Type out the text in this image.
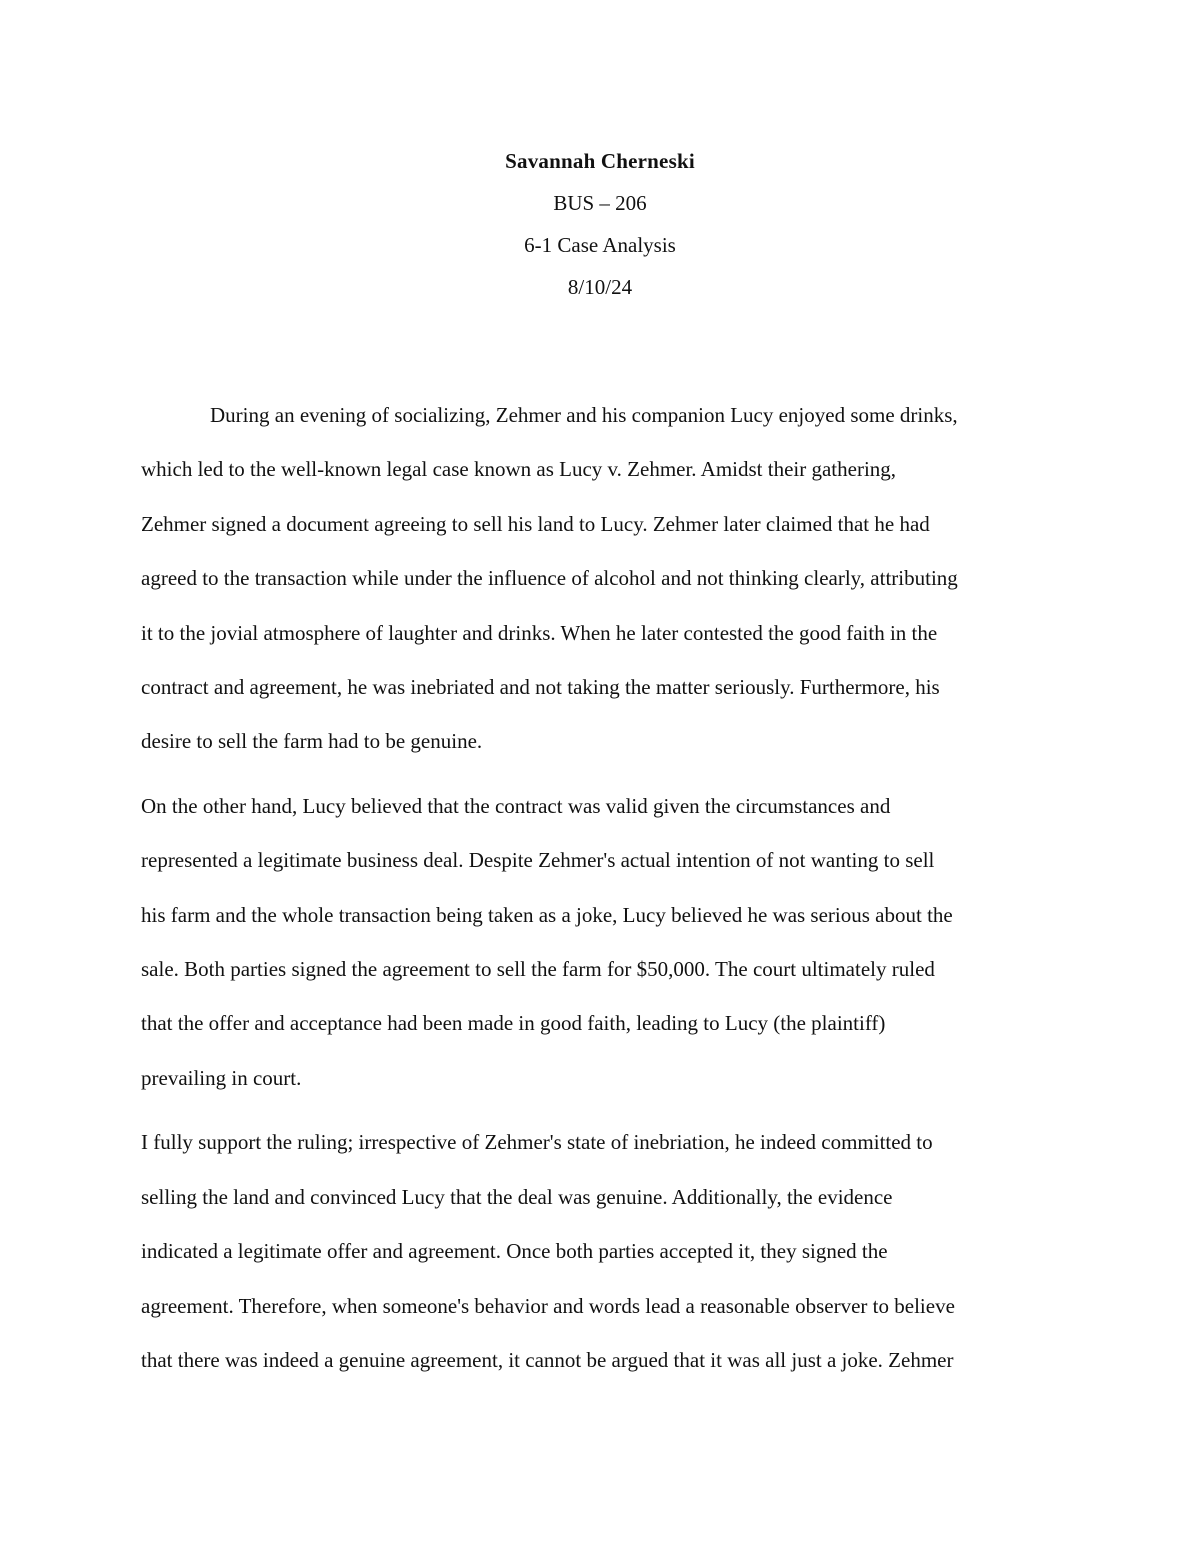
Savannah Cherneski
BUS – 206
6-1 Case Analysis
8/10/24
During an evening of socializing, Zehmer and his companion Lucy enjoyed some drinks,
which led to the well-known legal case known as Lucy v. Zehmer. Amidst their gathering,
Zehmer signed a document agreeing to sell his land to Lucy. Zehmer later claimed that he had
agreed to the transaction while under the influence of alcohol and not thinking clearly, attributing
it to the jovial atmosphere of laughter and drinks. When he later contested the good faith in the
contract and agreement, he was inebriated and not taking the matter seriously. Furthermore, his
desire to sell the farm had to be genuine.
On the other hand, Lucy believed that the contract was valid given the circumstances and
represented a legitimate business deal. Despite Zehmer's actual intention of not wanting to sell
his farm and the whole transaction being taken as a joke, Lucy believed he was serious about the
sale. Both parties signed the agreement to sell the farm for $50,000. The court ultimately ruled
that the offer and acceptance had been made in good faith, leading to Lucy (the plaintiff)
prevailing in court.
I fully support the ruling; irrespective of Zehmer's state of inebriation, he indeed committed to
selling the land and convinced Lucy that the deal was genuine. Additionally, the evidence
indicated a legitimate offer and agreement. Once both parties accepted it, they signed the
agreement. Therefore, when someone's behavior and words lead a reasonable observer to believe
that there was indeed a genuine agreement, it cannot be argued that it was all just a joke. Zehmer
